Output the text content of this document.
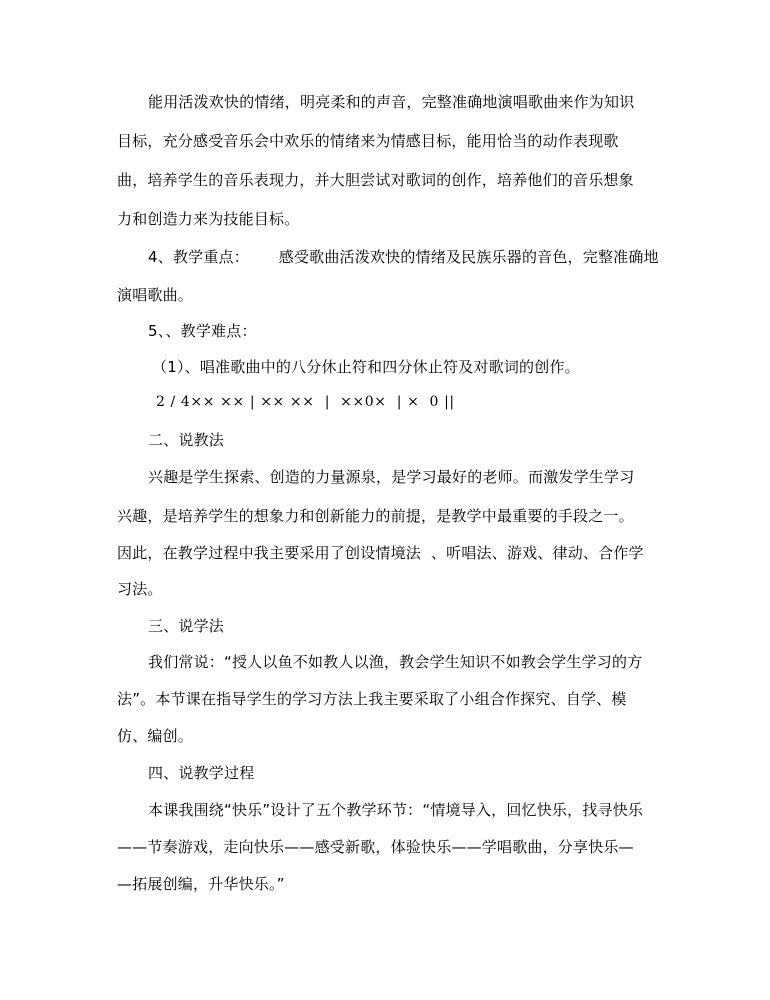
能用活泼欢快的情绪，明亮柔和的声音，完整准确地演唱歌曲来作为知识
目标，充分感受音乐会中欢乐的情绪来为情感目标，能用恰当的动作表现歌
曲，培养学生的音乐表现力，并大胆尝试对歌词的创作，培养他们的音乐想象
力和创造力来为技能目标。
4、教学重点：      感受歌曲活泼欢快的情绪及民族乐器的音色，完整准确地
演唱歌曲。
5、、教学难点：
（1）、唱准歌曲中的八分休止符和四分休止符及对歌词的创作。
2 / 4×× ×× | ×× ××  |  ××0×  | ×  0 ||
二、说教法
兴趣是学生探索、创造的力量源泉，是学习最好的老师。而激发学生学习
兴趣，是培养学生的想象力和创新能力的前提，是教学中最重要的手段之一。
因此，在教学过程中我主要采用了创设情境法  、听唱法、游戏、律动、合作学
习法。
三、说学法
我们常说：“授人以鱼不如教人以渔，教会学生知识不如教会学生学习的方
法”。本节课在指导学生的学习方法上我主要采取了小组合作探究、自学、模
仿、编创。
四、说教学过程
本课我围绕“快乐”设计了五个教学环节：“情境导入，回忆快乐，找寻快乐
——节奏游戏，走向快乐——感受新歌，体验快乐——学唱歌曲，分享快乐—
—拓展创编，升华快乐。”
